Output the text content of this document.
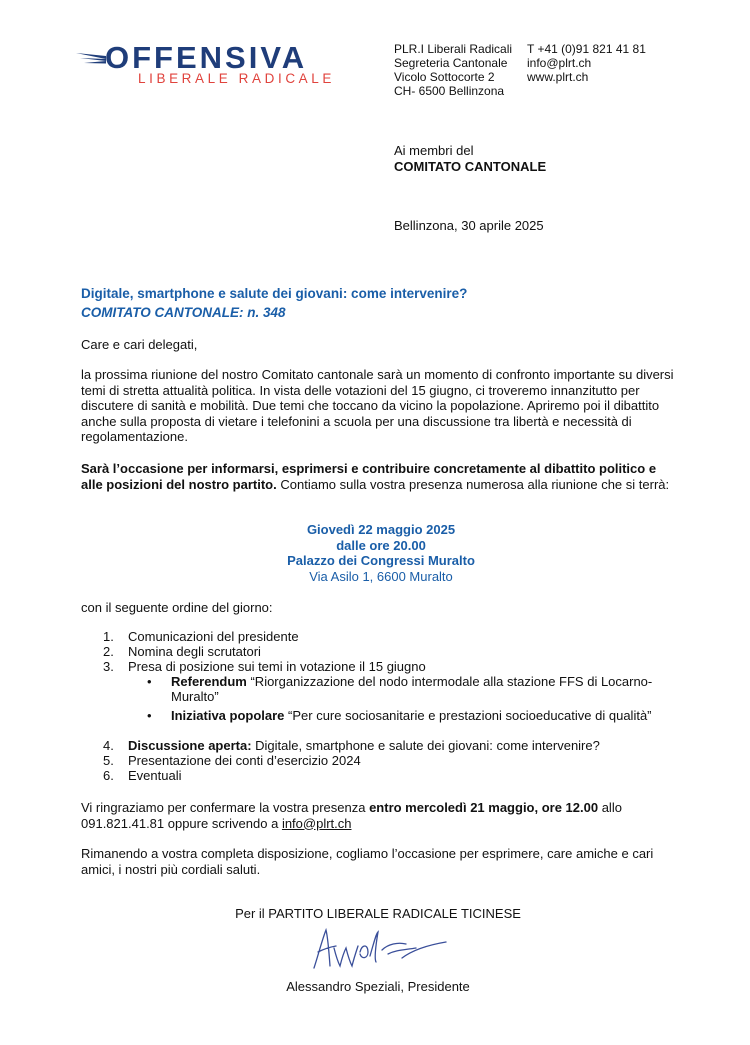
OFFENSIVA
LIBERALE RADICALE
PLR.I Liberali Radicali
Segreteria Cantonale
Vicolo Sottocorte 2
CH- 6500 Bellinzona
T +41 (0)91 821 41 81
info@plrt.ch
www.plrt.ch
Ai membri del
COMITATO CANTONALE
Bellinzona, 30 aprile 2025
Digitale, smartphone e salute dei giovani: come intervenire?
COMITATO CANTONALE: n. 348
Care e cari delegati,
la prossima riunione del nostro Comitato cantonale sarà un momento di confronto importante su diversi temi di stretta attualità politica. In vista delle votazioni del 15 giugno, ci troveremo innanzitutto per discutere di sanità e mobilità. Due temi che toccano da vicino la popolazione. Apriremo poi il dibattito anche sulla proposta di vietare i telefonini a scuola per una discussione tra libertà e necessità di regolamentazione.
Sarà l’occasione per informarsi, esprimersi e contribuire concretamente al dibattito politico e alle posizioni del nostro partito. Contiamo sulla vostra presenza numerosa alla riunione che si terrà:
Giovedì 22 maggio 2025
dalle ore 20.00
Palazzo dei Congressi Muralto
Via Asilo 1, 6600 Muralto
con il seguente ordine del giorno:
1. Comunicazioni del presidente
2. Nomina degli scrutatori
3. Presa di posizione sui temi in votazione il 15 giugno
• Referendum “Riorganizzazione del nodo intermodale alla stazione FFS di Locarno-Muralto”
• Iniziativa popolare “Per cure sociosanitarie e prestazioni socioeducative di qualità”
4. Discussione aperta: Digitale, smartphone e salute dei giovani: come intervenire?
5. Presentazione dei conti d’esercizio 2024
6. Eventuali
Vi ringraziamo per confermare la vostra presenza entro mercoledì 21 maggio, ore 12.00 allo 091.821.41.81 oppure scrivendo a info@plrt.ch
Rimanendo a vostra completa disposizione, cogliamo l’occasione per esprimere, care amiche e cari amici, i nostri più cordiali saluti.
Per il PARTITO LIBERALE RADICALE TICINESE
Alessandro Speziali, Presidente
